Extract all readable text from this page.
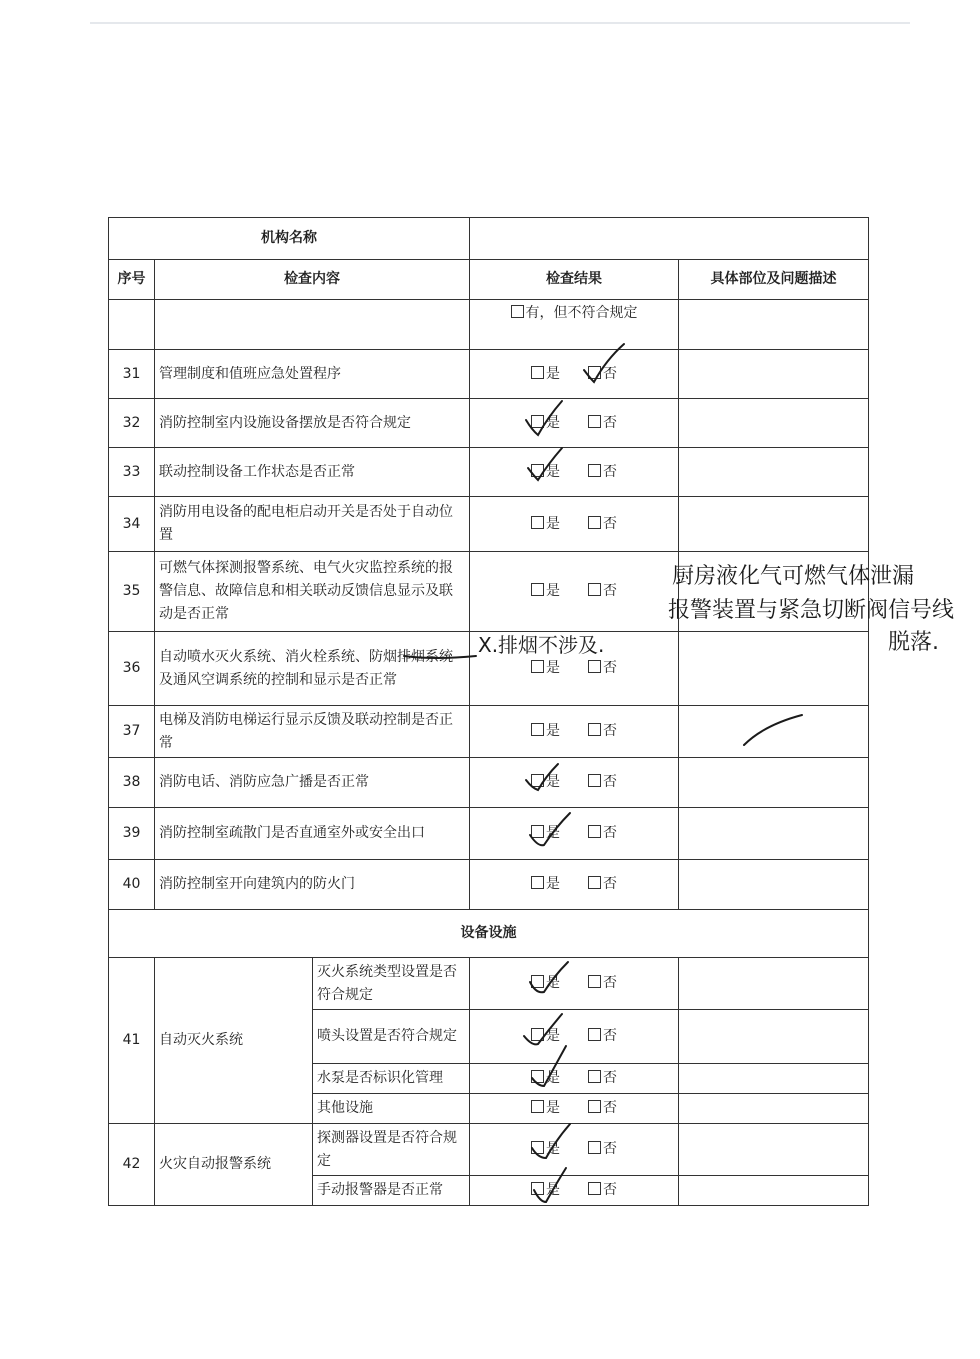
机构名称				
序号	检查内容		检查结果	具体部位及问题描述
			有，但不符合规定	
31	管理制度和值班应急处置程序		是 否	
32	消防控制室内设施设备摆放是否符合规定		是 否	
33	联动控制设备工作状态是否正常		是 否	
34	消防用电设备的配电柜启动开关是否处于自动位置		是 否	
35	可燃气体探测报警系统、电气火灾监控系统的报警信息、故障信息和相关联动反馈信息显示及联动是否正常		是 否	
36	自动喷水灭火系统、消火栓系统、防烟排烟系统及通风空调系统的控制和显示是否正常		是 否	
37	电梯及消防电梯运行显示反馈及联动控制是否正常		是 否	
38	消防电话、消防应急广播是否正常		是 否	
39	消防控制室疏散门是否直通室外或安全出口		是 否	
40	消防控制室开向建筑内的防火门		是 否	
设备设施				
41	自动灭火系统	灭火系统类型设置是否符合规定	是 否	
		喷头设置是否符合规定	是 否	
		水泵是否标识化管理	是 否	
		其他设施	是 否	
42	火灾自动报警系统	探测器设置是否符合规定	是 否	
		手动报警器是否正常	是 否	
厨房液化气可燃气体泄漏
报警装置与紧急切断阀信号线
脱落.
X.排烟不涉及.
